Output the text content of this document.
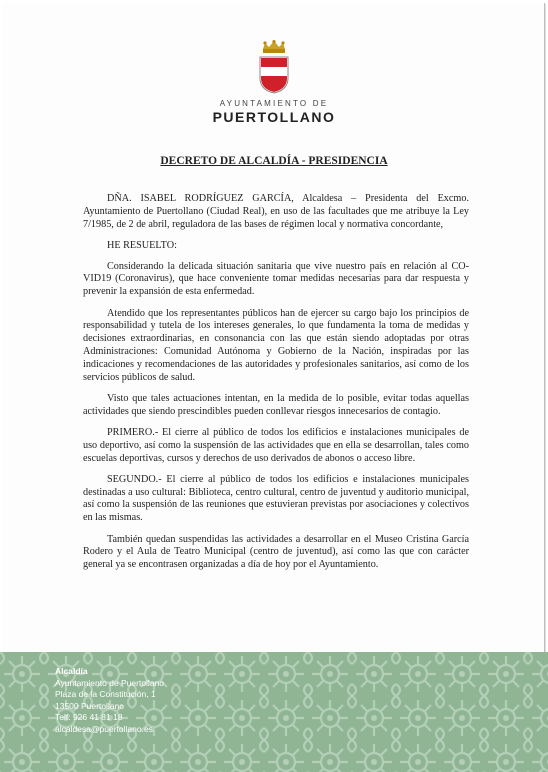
AYUNTAMIENTO DE
PUERTOLLANO
DECRETO DE ALCALDÍA - PRESIDENCIA

DÑA. ISABEL RODRÍGUEZ GARCÍA, Alcaldesa – Presidenta del Excmo. Ayuntamiento de Puertollano (Ciudad Real), en uso de las facultades que me atribuye la Ley 7/1985, de 2 de abril, reguladora de las bases de régimen local y normativa concordante,

HE RESUELTO:

Considerando la delicada situación sanitaria que vive nuestro país en relación al CO-VID19 (Coronavirus), que hace conveniente tomar medidas necesarias para dar respuesta y prevenir la expansión de esta enfermedad.

Atendido que los representantes públicos han de ejercer su cargo bajo los principios de responsabilidad y tutela de los intereses generales, lo que fundamenta la toma de medidas y decisiones extraordinarias, en consonancia con las que están siendo adoptadas por otras Administraciones: Comunidad Autónoma y Gobierno de la Nación, inspiradas por las indicaciones y recomendaciones de las autoridades y profesionales sanitarios, así como de los servicios públicos de salud.

Visto que tales actuaciones intentan, en la medida de lo posible, evitar todas aquellas actividades que siendo prescindibles pueden conllevar riesgos innecesarios de contagio.

PRIMERO.- El cierre al público de todos los edificios e instalaciones municipales de uso deportivo, así como la suspensión de las actividades que en ella se desarrollan, tales como escuelas deportivas, cursos y derechos de uso derivados de abonos o acceso libre.

SEGUNDO.- El cierre al público de todos los edificios e instalaciones municipales destinadas a uso cultural: Biblioteca, centro cultural, centro de juventud y auditorio municipal, así como la suspensión de las reuniones que estuvieran previstas por asociaciones y colectivos en las mismas.

También quedan suspendidas las actividades a desarrollar en el Museo Cristina García Rodero y el Aula de Teatro Municipal (centro de juventud), así como las que con carácter general ya se encontrasen organizadas a día de hoy por el Ayuntamiento.

Alcaldía
Ayuntamiento de Puertollano
Plaza de la Constitución, 1
13500 Puertollano
Telf: 926 41 81 18
alcaldesa@puertollano.es
